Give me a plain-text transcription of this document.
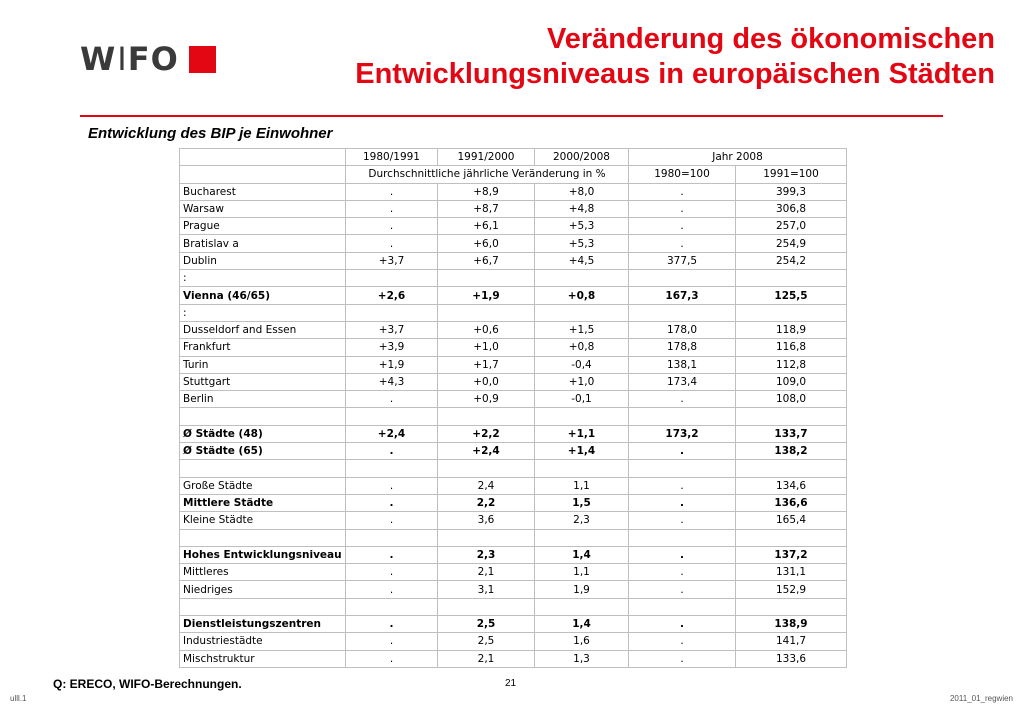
W I FO
Veränderung des ökonomischen
Entwicklungsniveaus in europäischen Städten
Entwicklung des BIP je Einwohner
	1980/1991	1991/2000	2000/2008	Jahr 2008	
	Durchschnittliche jährliche Veränderung in %			1980=100	1991=100
Bucharest	.	+8,9	+8,0	.	399,3
Warsaw	.	+8,7	+4,8	.	306,8
Prague	.	+6,1	+5,3	.	257,0
Bratislav a	.	+6,0	+5,3	.	254,9
Dublin	+3,7	+6,7	+4,5	377,5	254,2
:					
Vienna (46/65)	+2,6	+1,9	+0,8	167,3	125,5
:					
Dusseldorf and Essen	+3,7	+0,6	+1,5	178,0	118,9
Frankfurt	+3,9	+1,0	+0,8	178,8	116,8
Turin	+1,9	+1,7	-0,4	138,1	112,8
Stuttgart	+4,3	+0,0	+1,0	173,4	109,0
Berlin	.	+0,9	-0,1	.	108,0

Ø Städte (48)	+2,4	+2,2	+1,1	173,2	133,7
Ø Städte (65)	.	+2,4	+1,4	.	138,2

Große Städte	.	2,4	1,1	.	134,6
Mittlere Städte	.	2,2	1,5	.	136,6
Kleine Städte	.	3,6	2,3	.	165,4

Hohes Entwicklungsniveau	.	2,3	1,4	.	137,2
Mittleres	.	2,1	1,1	.	131,1
Niedriges	.	3,1	1,9	.	152,9

Dienstleistungszentren	.	2,5	1,4	.	138,9
Industriestädte	.	2,5	1,6	.	141,7
Mischstruktur	.	2,1	1,3	.	133,6
Q: ERECO, WIFO-Berechnungen.	21
ulll.1	2011_01_regwien
